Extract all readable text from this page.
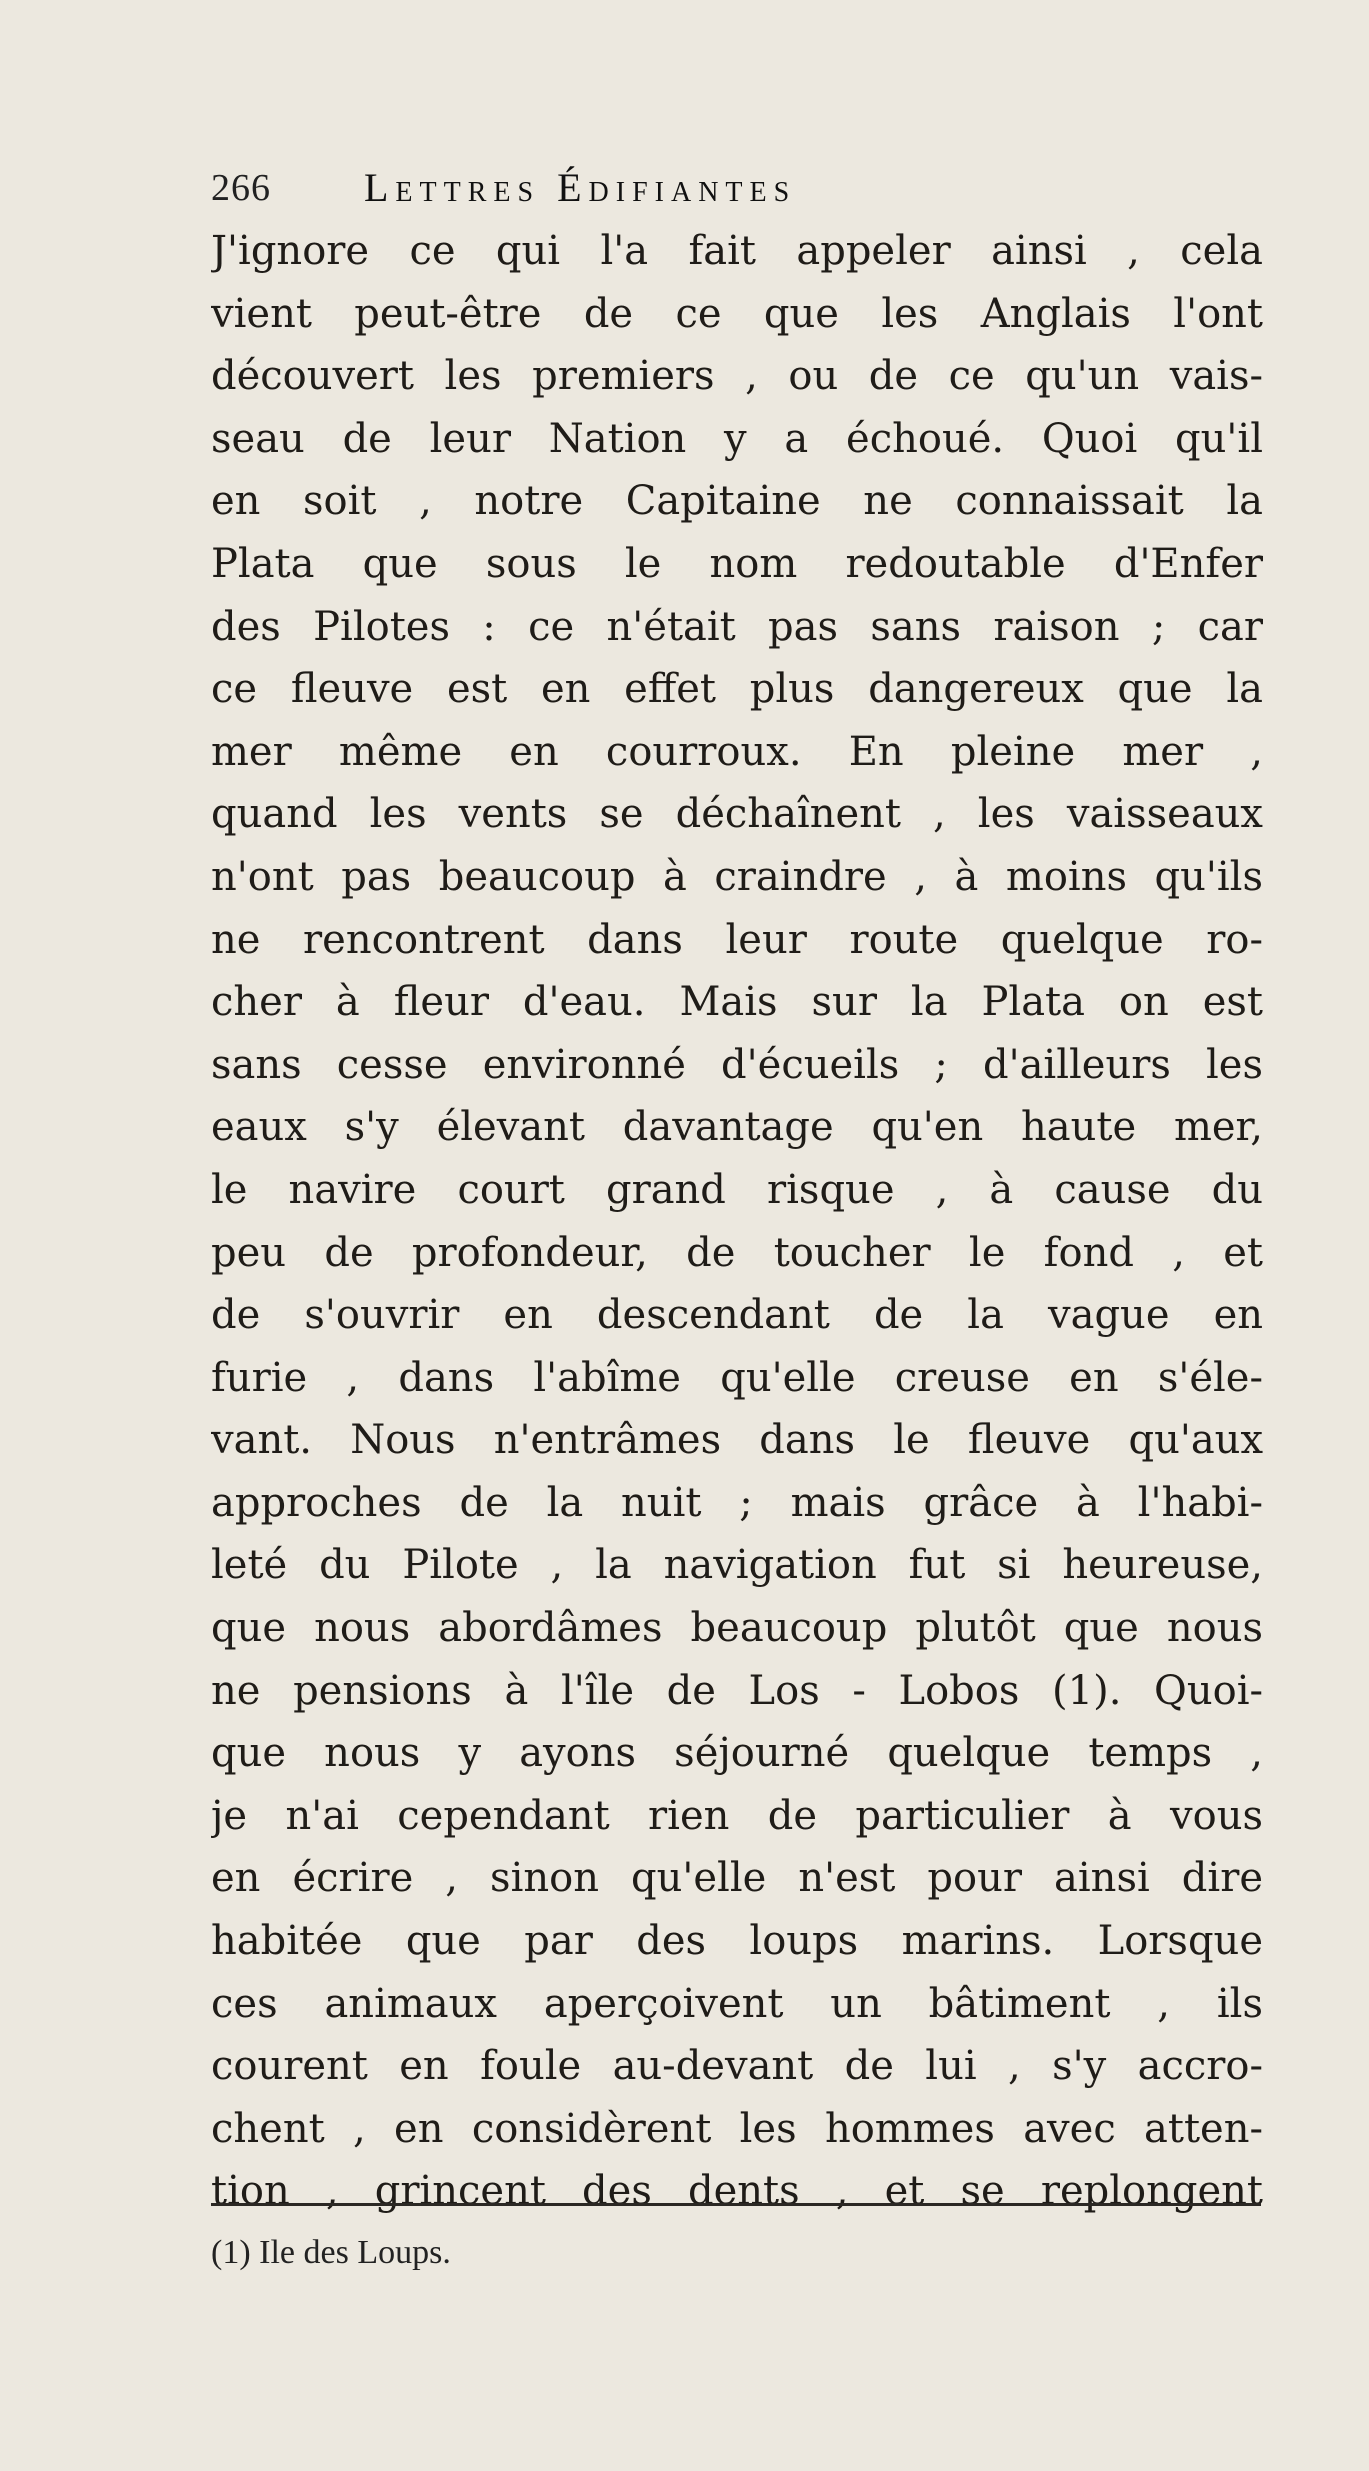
266 Lettres Édifiantes
J'ignore ce qui l'a fait appeler ainsi , cela
vient peut-être de ce que les Anglais l'ont
découvert les premiers , ou de ce qu'un vais-
seau de leur Nation y a échoué. Quoi qu'il
en soit , notre Capitaine ne connaissait la
Plata que sous le nom redoutable d'Enfer
des Pilotes : ce n'était pas sans raison ; car
ce fleuve est en effet plus dangereux que la
mer même en courroux. En pleine mer ,
quand les vents se déchaînent , les vaisseaux
n'ont pas beaucoup à craindre , à moins qu'ils
ne rencontrent dans leur route quelque ro-
cher à fleur d'eau. Mais sur la Plata on est
sans cesse environné d'écueils ; d'ailleurs les
eaux s'y élevant davantage qu'en haute mer,
le navire court grand risque , à cause du
peu de profondeur, de toucher le fond , et
de s'ouvrir en descendant de la vague en
furie , dans l'abîme qu'elle creuse en s'éle-
vant. Nous n'entrâmes dans le fleuve qu'aux
approches de la nuit ; mais grâce à l'habi-
leté du Pilote , la navigation fut si heureuse,
que nous abordâmes beaucoup plutôt que nous
ne pensions à l'île de Los - Lobos (1). Quoi-
que nous y ayons séjourné quelque temps ,
je n'ai cependant rien de particulier à vous
en écrire , sinon qu'elle n'est pour ainsi dire
habitée que par des loups marins. Lorsque
ces animaux aperçoivent un bâtiment , ils
courent en foule au-devant de lui , s'y accro-
chent , en considèrent les hommes avec atten-
tion , grincent des dents , et se replongent
(1) Ile des Loups.
